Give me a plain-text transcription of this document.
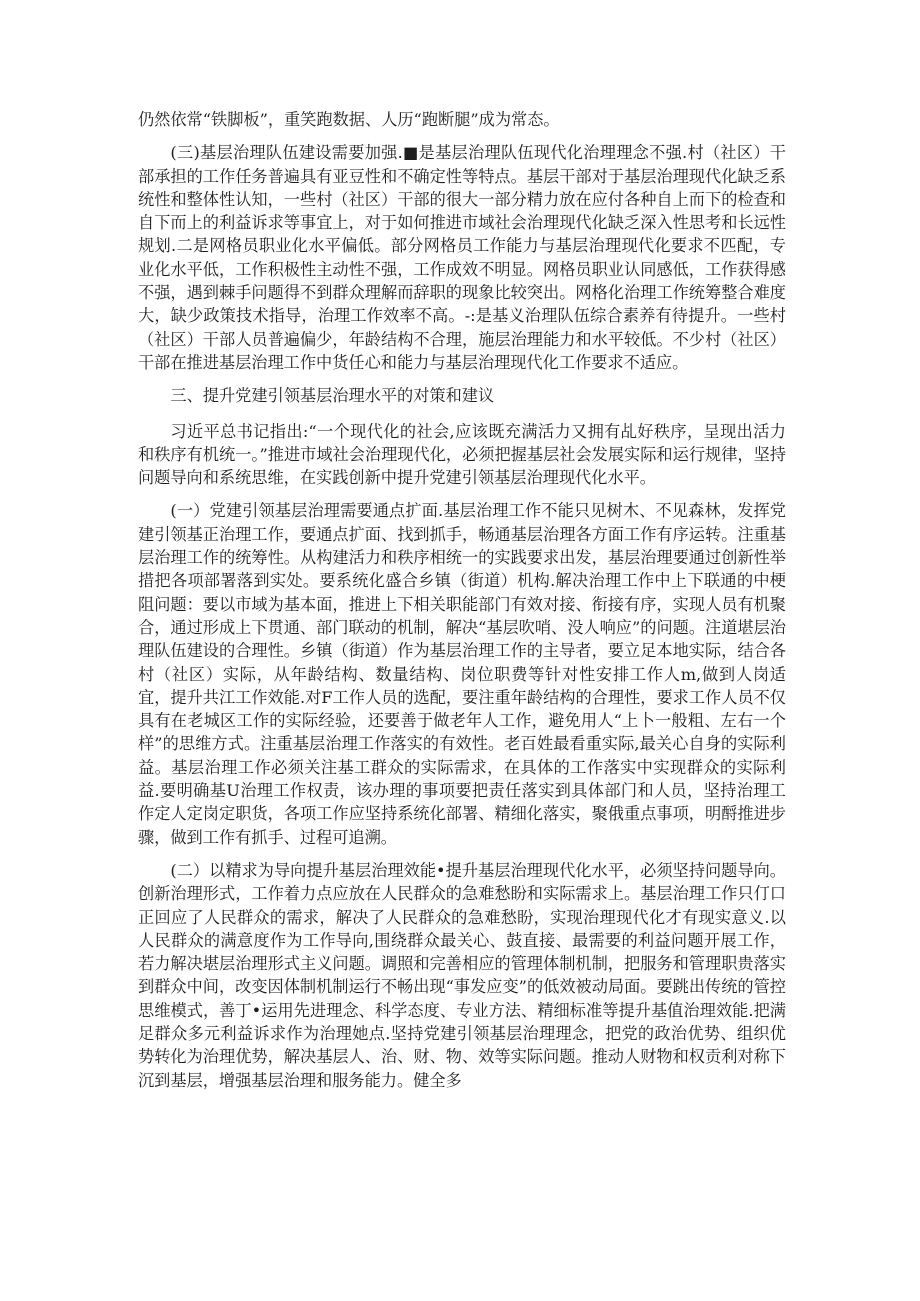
仍然依常“铁脚板”，重笑跑数据、人历“跑断腿”成为常态。

(三)基层治理队伍建设需要加强.■是基层治理队伍现代化治理理念不强.村（社区）干部承担的工作任务普遍具有亚豆性和不确定性等特点。基层干部对于基层治理现代化缺乏系统性和整体性认知，一些村（社区）干部的很大一部分精力放在应付各种自上而下的检查和自下而上的利益诉求等事宜上，对于如何推进市域社会治理现代化缺乏深入性思考和长远性规划.二是网格员职业化水平偏低。部分网格员工作能力与基层治理现代化要求不匹配，专业化水平低，工作积极性主动性不强，工作成效不明显。网格员职业认同感低，工作获得感不强，遇到棘手问题得不到群众理解而辞职的现象比较突出。网格化治理工作统筹整合难度大，缺少政策技术指导，治理工作效率不高。-:是基义治理队伍综合素养有待提升。一些村（社区）干部人员普遍偏少，年龄结构不合理，施层治理能力和水平较低。不少村（社区）干部在推进基层治理工作中货任心和能力与基层治理现代化工作要求不适应。

三、提升党建引领基层治理水平的对策和建议

习近平总书记指出:“一个现代化的社会,应该既充满活力又拥有乩好秩序，呈现出活力和秩序有机统一。”推进市域社会治理现代化，必须把握基层社会发展实际和运行规律，坚持问题导向和系统思维，在实践创新中提升党建引领基层治理现代化水平。

(一）党建引领基层治理需要通点扩面.基层治理工作不能只见树木、不见森林，发挥党建引领基正治理工作，要通点扩面、找到抓手，畅通基层治理各方面工作有序运转。注重基层治理工作的统筹性。从构建活力和秩序相统一的实践要求出发，基层治理要通过创新性举措把各项部署落到实处。要系统化盛合乡镇（街道）机构.解决治理工作中上下联通的中梗阻问题：要以市域为基本面，推进上下相关职能部门有效对接、衔接有序，实现人员有机聚合，通过形成上下贯通、部门联动的机制，解决“基层吹哨、没人响应”的问题。注道堪层治理队伍建设的合理性。乡镇（街道）作为基层治理工作的主导者，要立足本地实际，结合各村（社区）实际，从年龄结构、数量结构、岗位职费等针对性安排工作人m,做到人岗适宜，提升共江工作效能.对F工作人员的选配，要注重年龄结构的合理性，要求工作人员不仅具有在老城区工作的实际经验，还要善于做老年人工作，避免用人“上卜一般粗、左右一个样”的思维方式。注重基层治理工作落实的有效性。老百姓最看重实际,最关心自身的实际利益。基层治理工作必须关注基工群众的实际需求，在具体的工作落实中实现群众的实际利益.要明确基U治理工作权责，该办理的事项要把责任落实到具体部门和人员，坚持治理工作定人定岗定职货，各项工作应坚持系统化部署、精细化落实，聚俄重点事项，明酹推进步骤，做到工作有抓手、过程可追溯。

(二）以精求为导向提升基层治理效能•提升基层治理现代化水平，必须坚持问题导向。创新治理形式，工作着力点应放在人民群众的急难愁盼和实际需求上。基层治理工作只仃口正回应了人民群众的需求，解决了人民群众的急难愁盼，实现治理现代化才有现实意义.以人民群众的满意度作为工作导向,围绕群众最关心、鼓直接、最需要的利益问题开展工作，若力解决堪层治理形式主义问题。调照和完善相应的管理体制机制，把服务和管理职贵落实到群众中间，改变因体制机制运行不畅出现“事发应变”的低效被动局面。要跳出传统的管控思维模式，善丁•运用先进理念、科学态度、专业方法、精细标准等提升基值治理效能.把满足群众多元利益诉求作为治理她点.坚持党建引领基层治理理念，把党的政治优势、组织优势转化为治理优势，解决基层人、治、财、物、效等实际问题。推动人财物和权贡利对称下沉到基层，增强基层治理和服务能力。健全多
